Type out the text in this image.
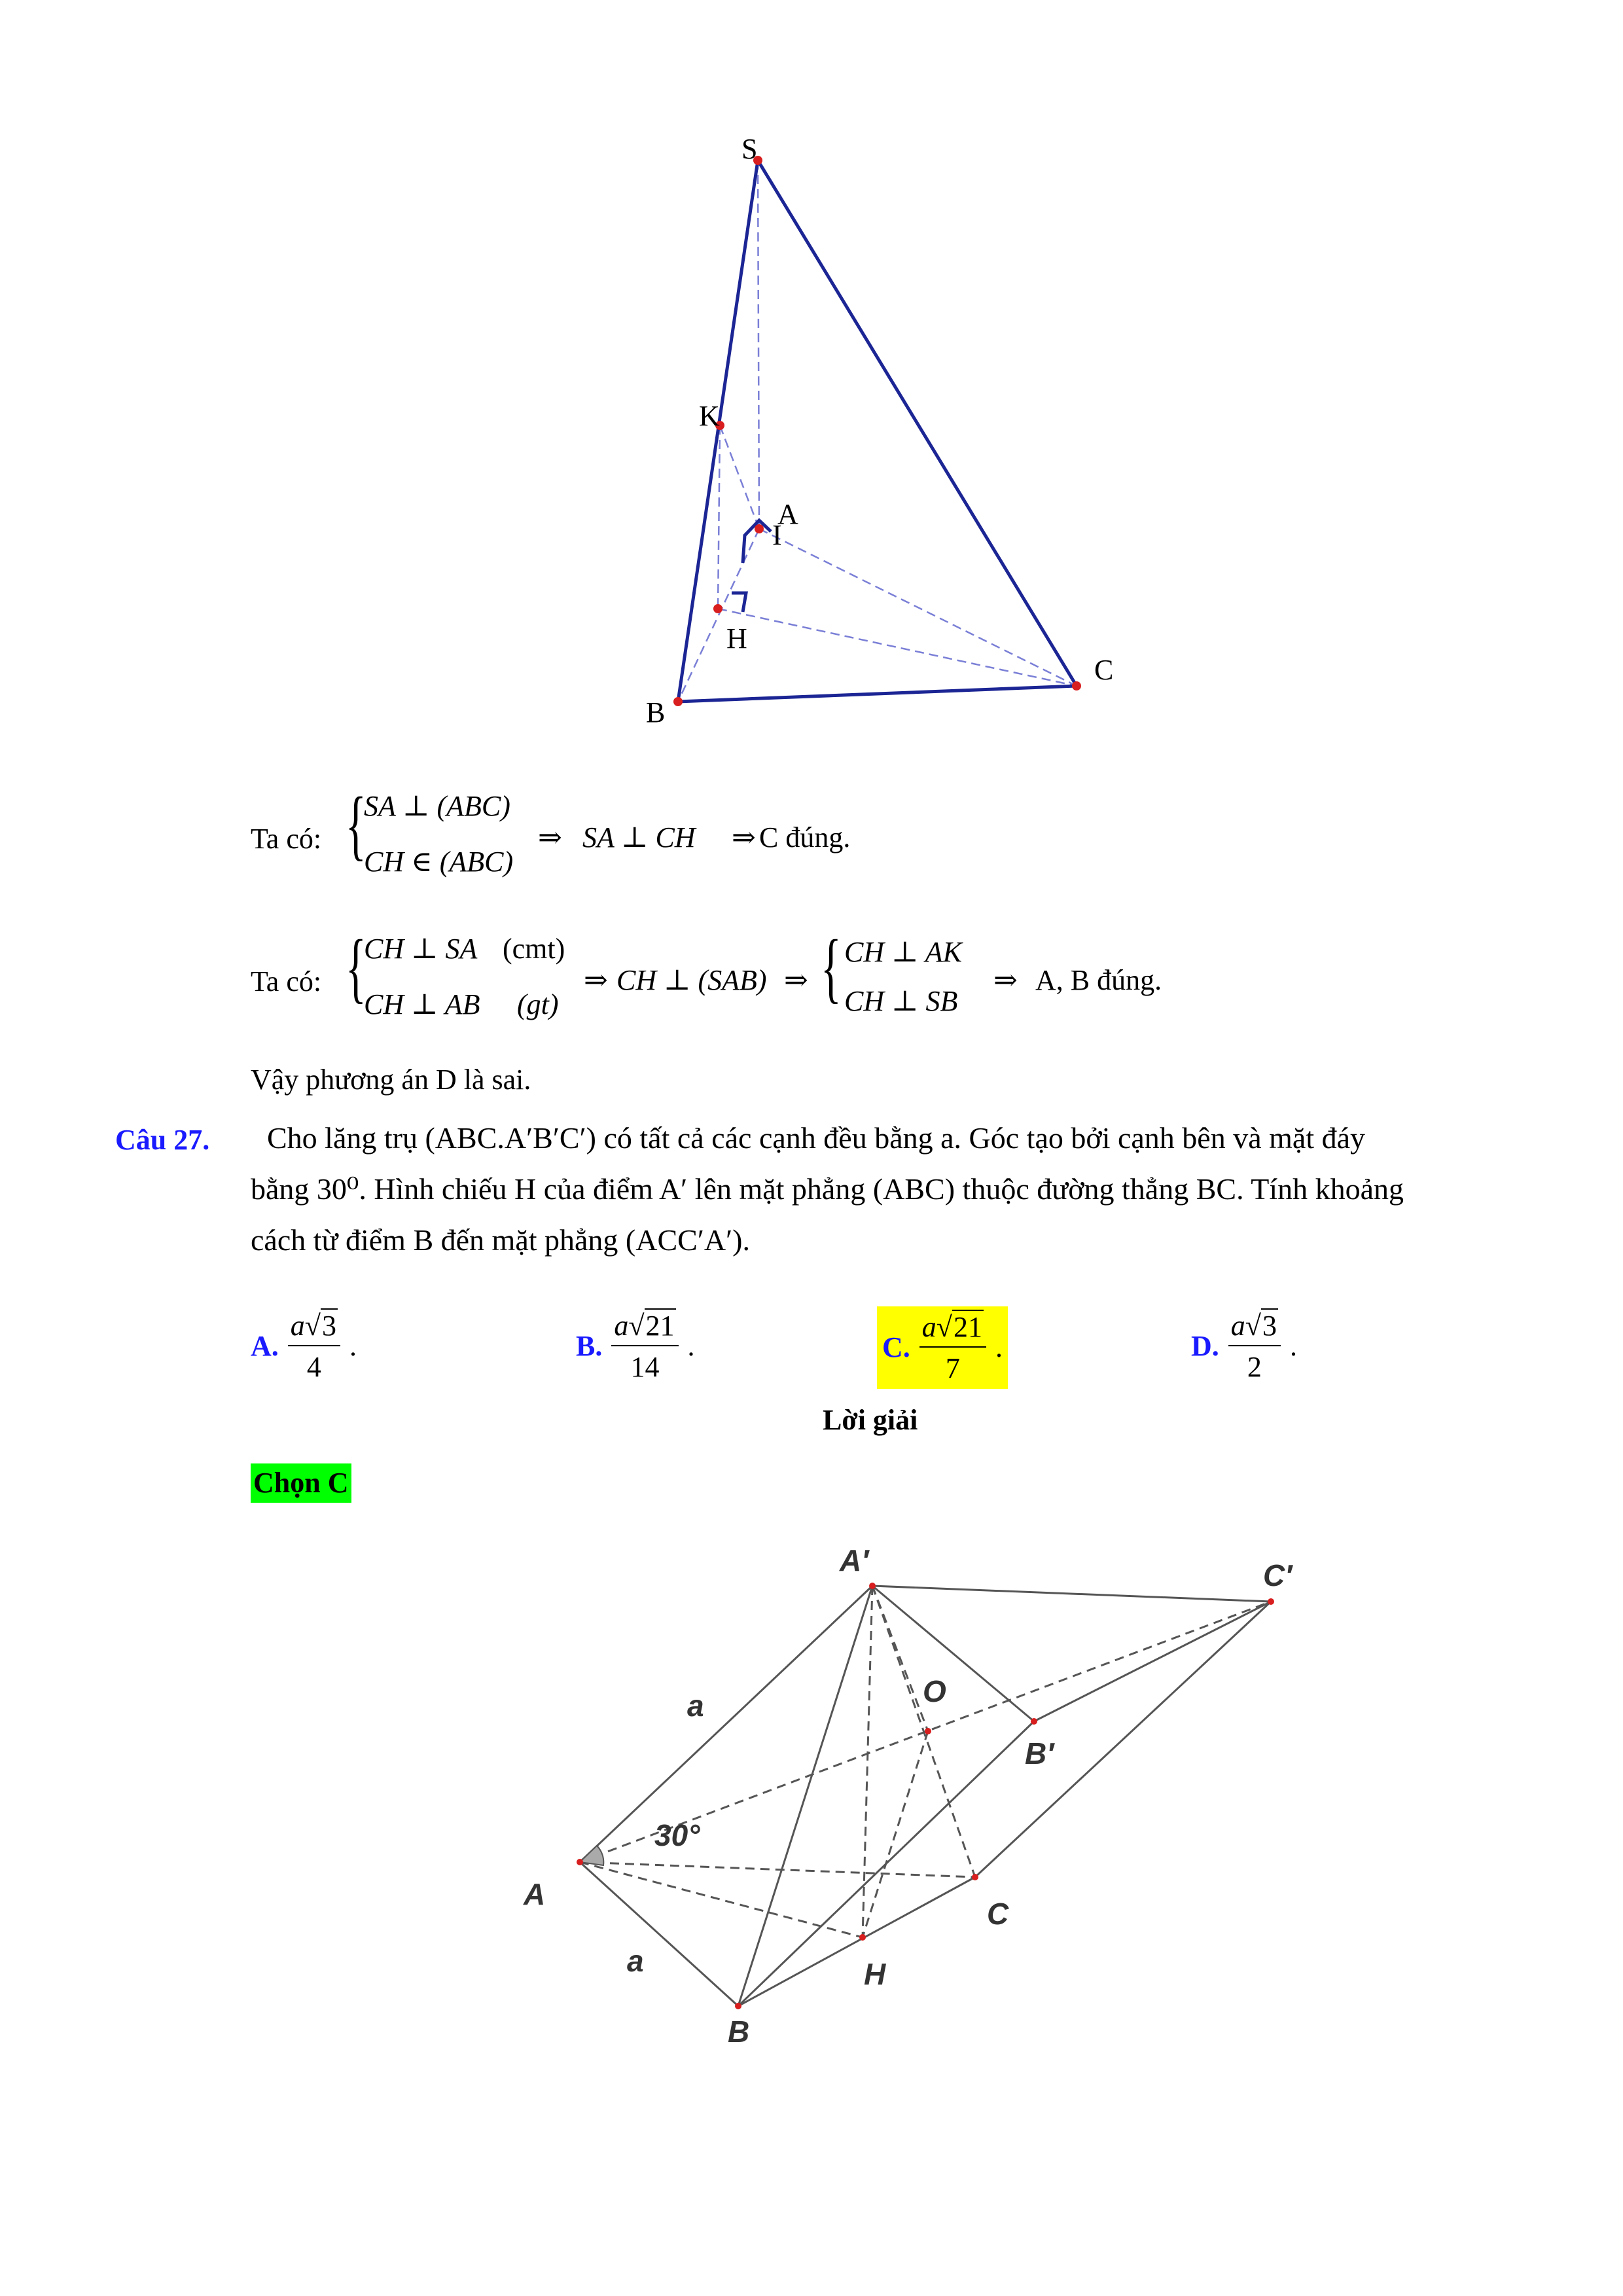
S
K
A
I
H
C
B
Ta có: {
SA ⊥ (ABC)
CH ∈ (ABC)
⇒ SA ⊥ CH ⇒ C đúng.
Ta có: {
CH ⊥ SA (cmt)
CH ⊥ AB (gt)
⇒ CH ⊥ (SAB) ⇒ { CH ⊥ AK
CH ⊥ SB
⇒ A, B đúng.
Vậy phương án D là sai.
Câu 27. Cho lăng trụ (ABC.A′B′C′) có tất cả các cạnh đều bằng a. Góc tạo bởi cạnh bên và mặt đáy
bằng 30⁰. Hình chiếu H của điểm A′ lên mặt phẳng (ABC) thuộc đường thẳng BC. Tính khoảng
cách từ điểm B đến mặt phẳng (ACC′A′).
A. $\frac{a√3}{4}$ .	B. $\frac{a√21}{14}$ .	C. $\frac{a√21}{7}$ .	D. $\frac{a√3}{2}$ .
Lời giải
Chọn C
A′	C′
O
B′
A
C
H
B
a
a
30°
